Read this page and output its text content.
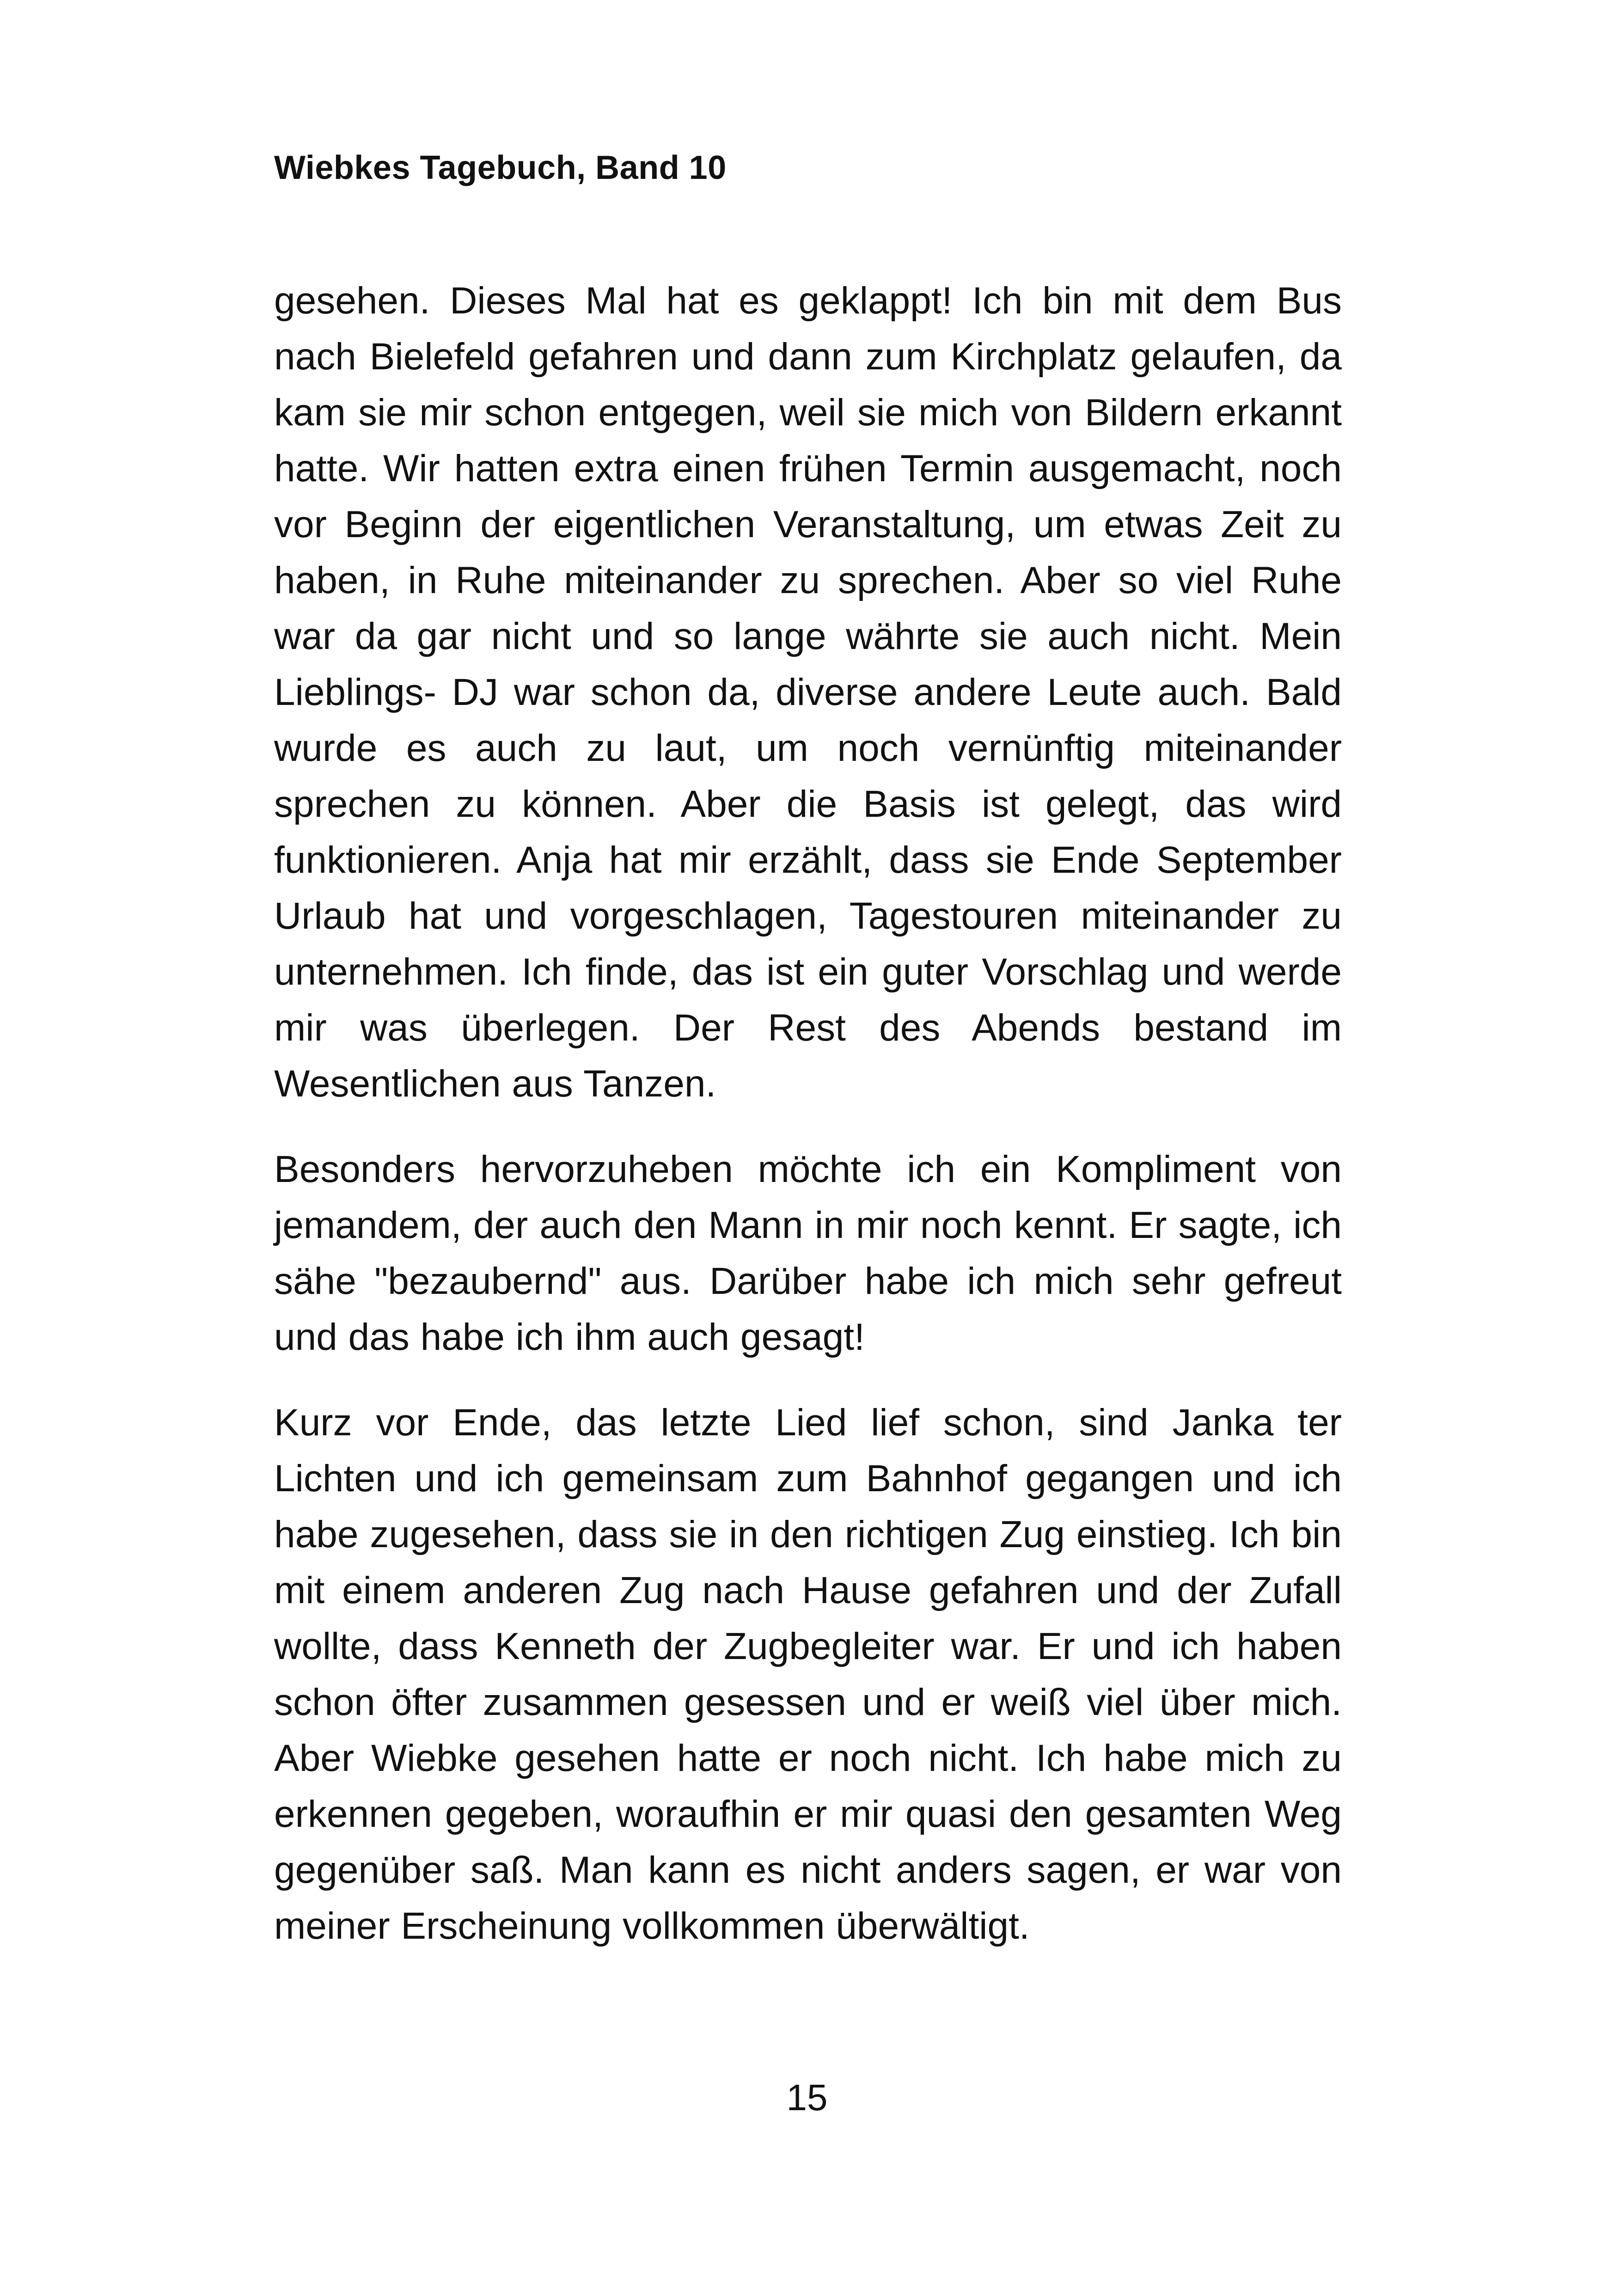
Wiebkes Tagebuch, Band 10

gesehen. Dieses Mal hat es geklappt! Ich bin mit dem Bus nach Bielefeld gefahren und dann zum Kirchplatz gelaufen, da kam sie mir schon entgegen, weil sie mich von Bildern erkannt hatte. Wir hatten extra einen frühen Termin ausgemacht, noch vor Beginn der eigentlichen Veranstaltung, um etwas Zeit zu haben, in Ruhe miteinander zu sprechen. Aber so viel Ruhe war da gar nicht und so lange währte sie auch nicht. Mein Lieblings- DJ war schon da, diverse andere Leute auch. Bald wurde es auch zu laut, um noch vernünftig miteinander sprechen zu können. Aber die Basis ist gelegt, das wird funktionieren. Anja hat mir erzählt, dass sie Ende September Urlaub hat und vorgeschlagen, Tagestouren miteinander zu unternehmen. Ich finde, das ist ein guter Vorschlag und werde mir was überlegen. Der Rest des Abends bestand im Wesentlichen aus Tanzen.

Besonders hervorzuheben möchte ich ein Kompliment von jemandem, der auch den Mann in mir noch kennt. Er sagte, ich sähe "bezaubernd" aus. Darüber habe ich mich sehr gefreut und das habe ich ihm auch gesagt!

Kurz vor Ende, das letzte Lied lief schon, sind Janka ter Lichten und ich gemeinsam zum Bahnhof gegangen und ich habe zugesehen, dass sie in den richtigen Zug einstieg. Ich bin mit einem anderen Zug nach Hause gefahren und der Zufall wollte, dass Kenneth der Zugbegleiter war. Er und ich haben schon öfter zusammen gesessen und er weiß viel über mich. Aber Wiebke gesehen hatte er noch nicht. Ich habe mich zu erkennen gegeben, woraufhin er mir quasi den gesamten Weg gegenüber saß. Man kann es nicht anders sagen, er war von meiner Erscheinung vollkommen überwältigt.

15
